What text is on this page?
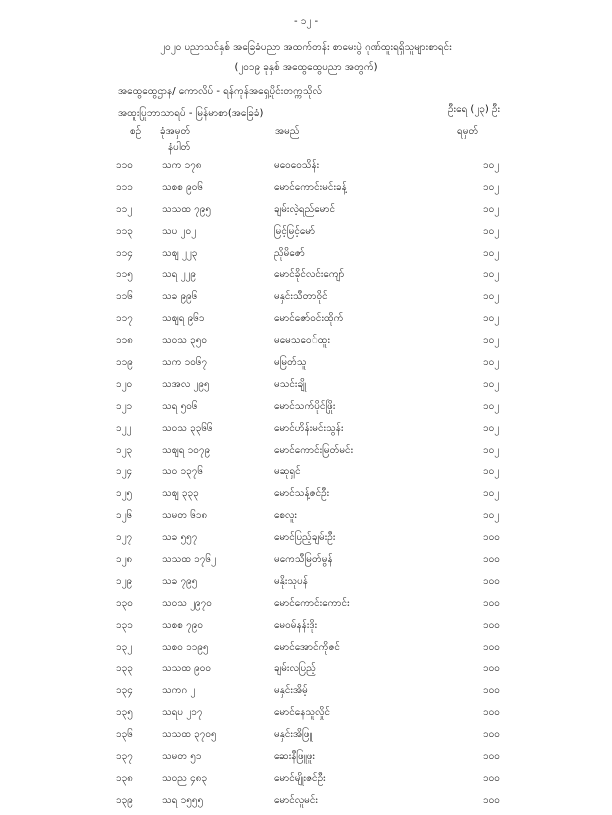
- ၁၂ -
၂၀၂၀ ပညာသင်နှစ် အခြေခံပညာ အထက်တန်း စာမေးပွဲ ဂုဏ်ထူးရရှိသူများစာရင်း
(၂၀၁၉ ခုနှစ် အထွေထွေပညာ အတွက်)
အထွေထွေဌာန/ ကောလိပ် - ရန်ကုန်အရှေ့ပိုင်းတက္ကသိုလ်
ဦးရေ (၂၃) ဦး
အထူးပြုဘာသာရပ် - မြန်မာစာ(အခြေခံ)
စဉ် ခုံအမှတ်
နံပါတ်
အမည်	ရမှတ်
၁၁၀	သက ၁၇၈	မဝေဝေသိန်း	၁၀၂
၁၁၁	သစစ ၉၀၆	မောင်ကောင်းမင်းခန့်	၁၀၂
၁၁၂	သသထ ၇၉၅	ချမ်းလဲ့ရည်မောင်	၁၀၂
၁၁၃	သပ ၂၀၂	မြင့်မြင့်မော်	၁၀၂
၁၁၄	သဈ ၂၂၃	ညိုမိဇော်	၁၀၂
၁၁၅	သရ ၂၂၉	မောင်ခိုင်လင်းကျော်	၁၀၂
၁၁၆	သခ ၉၉၆	မနှင်းသီတာဝိုင်	၁၀၂
၁၁၇	သဈရ ၉၆၁	မောင်ဇော်ဝင်းထိုက်	၁၀၂
၁၁၈	သဝသ ၃၅၀	မမေသဝေ်ထူး	၁၀၂
၁၁၉	သက ၁၀၆၇	မမြတ်သူ	၁၀၂
၁၂၀	သအလ ၂၉၅	မသင်းချို	၁၀၂
၁၂၁	သရ ၅၀၆	မောင်သက်ပိုင်ဖြိုး	၁၀၂
၁၂၂	သဝသ ၃၃၆၆	မောင်ဟိန်းမင်းသွန်း	၁၀၂
၁၂၃	သဈရ ၁၀၇၉	မောင်ကောင်းမြတ်မင်း	၁၀၂
၁၂၄	သဝ ၁၃၇၆	မဆုရှင်	၁၀၂
၁၂၅	သဈ ၃၃၃	မောင်သန့်ဇင်ဦး	၁၀၂
၁၂၆	သမတ ၆၁၈	စေလူး	၁၀၂
၁၂၇	သခ ၅၅၇	မောင်ပြည့်ချမ်းဦး	၁၀၀
၁၂၈	သသထ ၁၇၆၂	မကေသီမြတ်မွန်	၁၀၀
၁၂၉	သခ ၇၉၅	မနိုးသုပန်	၁၀၀
၁၃၀	သဝသ ၂၉၇၀	မောင်ကောင်းကောင်း	၁၀၀
၁၃၁	သစစ ၇၉၀	မေဝမ်နန်းဒိုး	၁၀၀
၁၃၂	သစဝ ၁၁၉၅	မောင်အောင်ကိုဇင်	၁၀၀
၁၃၃	သသထ ၉၀၀	ချမ်းလပြည့်	၁၀၀
၁၃၄	သကဂ ၂	မနှင်းအိမ့်	၁၀၀
၁၃၅	သရပ ၂၁၇	မောင်နေသူလှိုင်	၁၀၀
၁၃၆	သသထ ၃၇၀၅	မနှင်းအိဖြူ	၁၀၀
၁၃၇	သမတ ၅၁	ဆေးနီဖြူဖူး	၁၀၀
၁၃၈	သဝည ၄၈၃	မောင်မျိုးဇင်ဦး	၁၀၀
၁၃၉	သရ ၁၅၅၅	မောင်လူမင်း	၁၀၀
